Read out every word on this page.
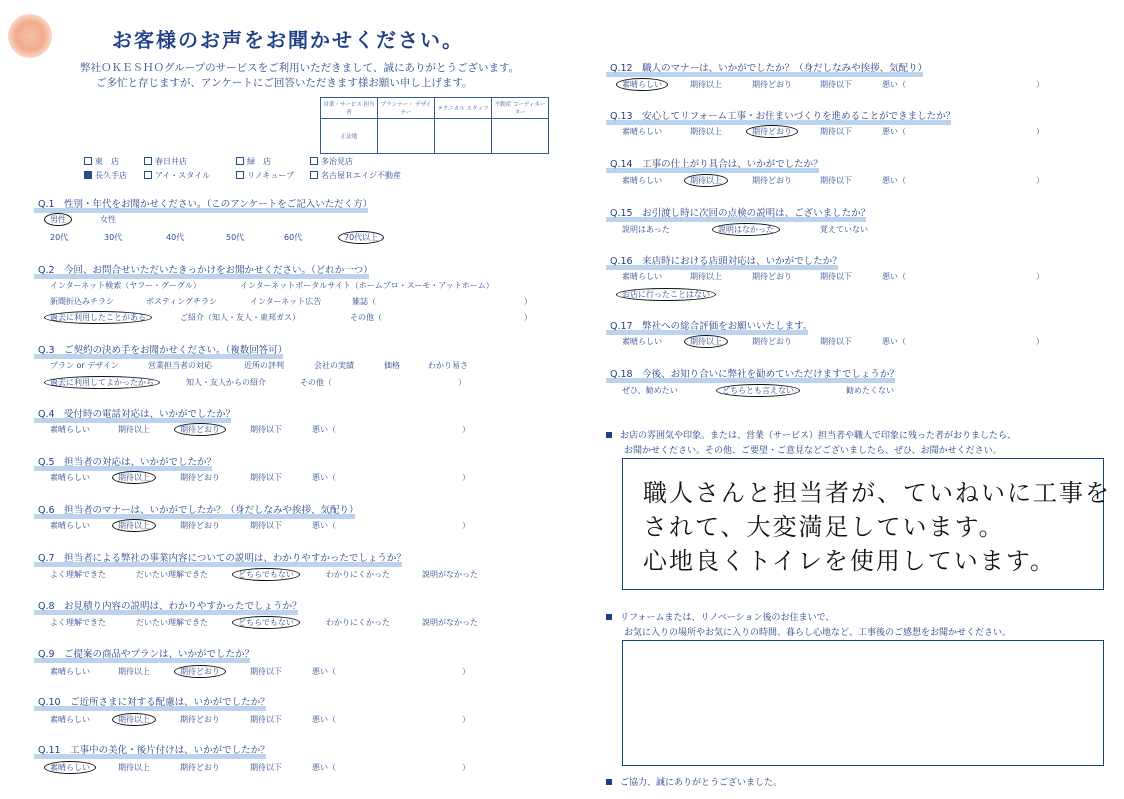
お客様のお声をお聞かせください。
弊社ＯＫＥＳＨＯグループのサービスをご利用いただきまして、誠にありがとうございます。
ご多忙と存じますが、アンケートにご回答いただきます様お願い申し上げます。
営業・サービス 担当者	プランナー・ デザイナー	テクニカル スタッフ	不動産 コーディネーター
正法地			
東　店	春日井店	緑　店	多治見店
長久手店	アイ・スタイル	リノキューブ	名古屋Ｒエイジ不動産
Q.1　性別・年代をお聞かせください。（このアンケートをご記入いただく方）
男性	女性
20代	30代	40代	50代	60代	70代以上
Q.2　今回、お問合せいただいたきっかけをお聞かせください。（どれか一つ）
インターネット検索（ヤフー・グーグル）	インターネットポータルサイト（ホームプロ・スーモ・アットホーム）
新聞折込みチラシ	ポスティングチラシ	インターネット広告	雑誌（	）
過去に利用したことがある	ご紹介（知人・友人・東邦ガス）	その他（	）
Q.3　ご契約の決め手をお聞かせください。（複数回答可）
プラン or デザイン	営業担当者の対応	近所の評判	会社の実績	価格	わかり易さ
過去に利用してよかったから	知人・友人からの紹介	その他（	）
Q.4　受付時の電話対応は、いかがでしたか？
素晴らしい	期待以上	期待どおり	期待以下	悪い（	）
Q.5　担当者の対応は、いかがでしたか？
素晴らしい	期待以上	期待どおり	期待以下	悪い（	）
Q.6　担当者のマナーは、いかがでしたか？（身だしなみや挨拶、気配り）
素晴らしい	期待以上	期待どおり	期待以下	悪い（	）
Q.7　担当者による弊社の事業内容についての説明は、わかりやすかったでしょうか？
よく理解できた	だいたい理解できた	どちらでもない	わかりにくかった	説明がなかった
Q.8　お見積り内容の説明は、わかりやすかったでしょうか？
よく理解できた	だいたい理解できた	どちらでもない	わかりにくかった	説明がなかった
Q.9　ご提案の商品やプランは、いかがでしたか？
素晴らしい	期待以上	期待どおり	期待以下	悪い（	）
Q.10　ご近所さまに対する配慮は、いかがでしたか？
素晴らしい	期待以上	期待どおり	期待以下	悪い（	）
Q.11　工事中の美化・後片付けは、いかがでしたか？
素晴らしい	期待以上	期待どおり	期待以下	悪い（	）
Q.12　職人のマナーは、いかがでしたか？（身だしなみや挨拶、気配り）
素晴らしい	期待以上	期待どおり	期待以下	悪い（	）
Q.13　安心してリフォーム工事・お住まいづくりを進めることができましたか？
素晴らしい	期待以上	期待どおり	期待以下	悪い（	）
Q.14　工事の仕上がり具合は、いかがでしたか？
素晴らしい	期待以上	期待どおり	期待以下	悪い（	）
Q.15　お引渡し時に次回の点検の説明は、ございましたか？
説明はあった	説明はなかった	覚えていない
Q.16　来店時における店頭対応は、いかがでしたか？
素晴らしい	期待以上	期待どおり	期待以下	悪い（	）
お店に行ったことはない
Q.17　弊社への総合評価をお願いいたします。
素晴らしい	期待以上	期待どおり	期待以下	悪い（	）
Q.18　今後、お知り合いに弊社を勧めていただけますでしょうか？
ぜひ、勧めたい	どちらとも言えない	勧めたくない
お店の雰囲気や印象。または、営業（サービス）担当者や職人で印象に残った者がおりましたら、
お聞かせください。その他、ご要望・ご意見などございましたら、ぜひ、お聞かせください。
職人さんと担当者が、ていねいに工事を
されて、大変満足しています。
心地良くトイレを使用しています。
リフォームまたは、リノベーション後のお住まいで、
お気に入りの場所やお気に入りの時間、暮らし心地など、工事後のご感想をお聞かせください。
ご協力、誠にありがとうございました。
